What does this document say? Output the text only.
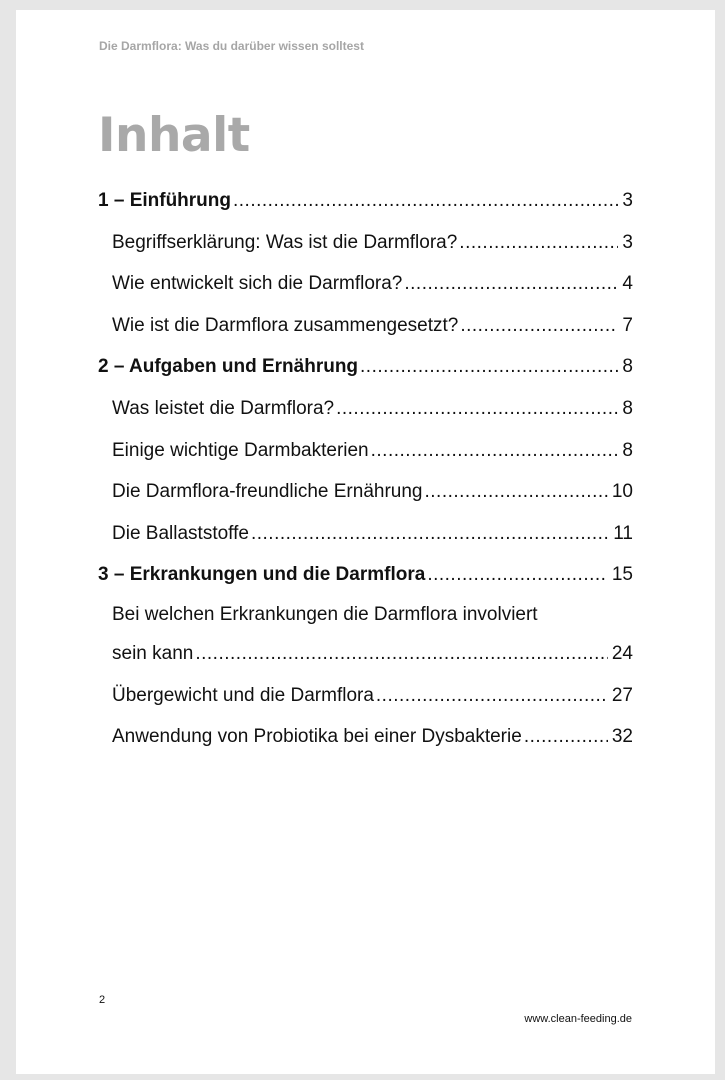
Die Darmflora: Was du darüber wissen solltest
Inhalt
1 – Einführung .....	3
Begriffserklärung: Was ist die Darmflora? .....	3
Wie entwickelt sich die Darmflora? .....	4
Wie ist die Darmflora zusammengesetzt? .....	7
2 – Aufgaben und Ernährung .....	8
Was leistet die Darmflora? .....	8
Einige wichtige Darmbakterien .....	8
Die Darmflora-freundliche Ernährung .....	10
Die Ballaststoffe .....	11
3 – Erkrankungen und die Darmflora .....	15
Bei welchen Erkrankungen die Darmflora involviert
sein kann .....	24
Übergewicht und die Darmflora .....	27
Anwendung von Probiotika bei einer Dysbakterie .....	32
2
www.clean-feeding.de
